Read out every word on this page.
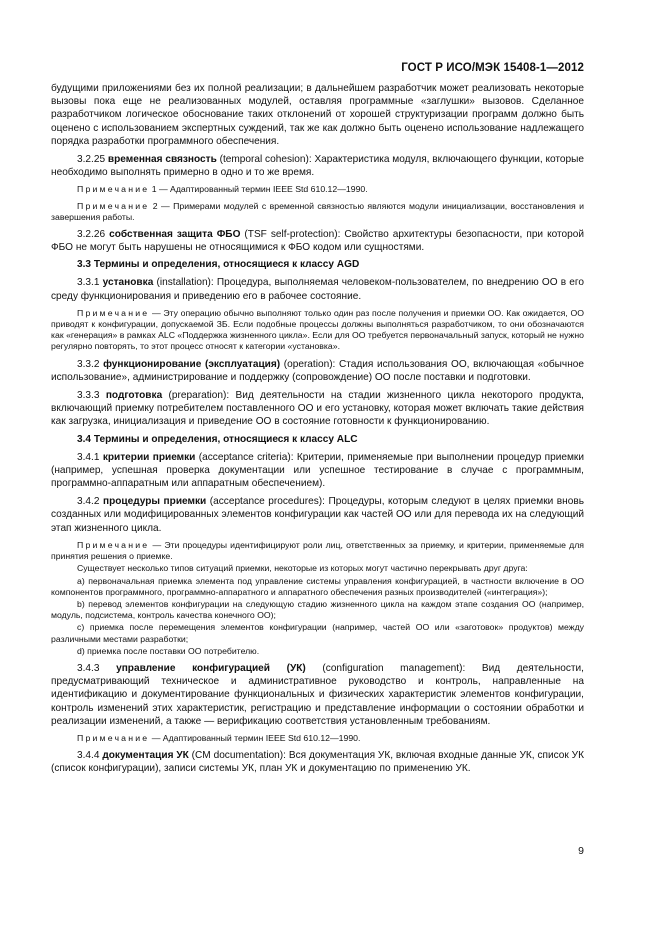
ГОСТ Р ИСО/МЭК 15408-1—2012

будущими приложениями без их полной реализации; в дальнейшем разработчик может реализовать некоторые вызовы пока еще не реализованных модулей, оставляя программные «заглушки» вызовов. Сделанное разработчиком логическое обоснование таких отклонений от хорошей структуризации программ должно быть оценено с использованием экспертных суждений, так же как должно быть оценено использование надлежащего порядка разработки программного обеспечения.

3.2.25 временная связность (temporal cohesion): Характеристика модуля, включающего функции, которые необходимо выполнять примерно в одно и то же время.

Примечание 1 — Адаптированный термин IEEE Std 610.12—1990.

Примечание 2 — Примерами модулей с временной связностью являются модули инициализации, восстановления и завершения работы.

3.2.26 собственная защита ФБО (TSF self-protection): Свойство архитектуры безопасности, при которой ФБО не могут быть нарушены не относящимися к ФБО кодом или сущностями.

3.3 Термины и определения, относящиеся к классу AGD

3.3.1 установка (installation): Процедура, выполняемая человеком-пользователем, по внедрению ОО в его среду функционирования и приведению его в рабочее состояние.

Примечание — Эту операцию обычно выполняют только один раз после получения и приемки ОО. Как ожидается, ОО приводят к конфигурации, допускаемой ЗБ. Если подобные процессы должны выполняться разработчиком, то они обозначаются как «генерация» в рамках ALC «Поддержка жизненного цикла». Если для ОО требуется первоначальный запуск, который не нужно регулярно повторять, то этот процесс относят к категории «установка».

3.3.2 функционирование (эксплуатация) (operation): Стадия использования ОО, включающая «обычное использование», администрирование и поддержку (сопровождение) ОО после поставки и подготовки.

3.3.3 подготовка (preparation): Вид деятельности на стадии жизненного цикла некоторого продукта, включающий приемку потребителем поставленного ОО и его установку, которая может включать такие действия как загрузка, инициализация и приведение ОО в состояние готовности к функционированию.

3.4 Термины и определения, относящиеся к классу ALC

3.4.1 критерии приемки (acceptance criteria): Критерии, применяемые при выполнении процедур приемки (например, успешная проверка документации или успешное тестирование в случае с программным, программно-аппаратным или аппаратным обеспечением).

3.4.2 процедуры приемки (acceptance procedures): Процедуры, которым следуют в целях приемки вновь созданных или модифицированных элементов конфигурации как частей ОО или для перевода их на следующий этап жизненного цикла.

Примечание — Эти процедуры идентифицируют роли лиц, ответственных за приемку, и критерии, применяемые для принятия решения о приемке.

Существует несколько типов ситуаций приемки, некоторые из которых могут частично перекрывать друг друга:

a) первоначальная приемка элемента под управление системы управления конфигурацией, в частности включение в ОО компонентов программного, программно-аппаратного и аппаратного обеспечения разных производителей («интеграция»);

b) перевод элементов конфигурации на следующую стадию жизненного цикла на каждом этапе создания ОО (например, модуль, подсистема, контроль качества конечного ОО);

c) приемка после перемещения элементов конфигурации (например, частей ОО или «заготовок» продуктов) между различными местами разработки;

d) приемка после поставки ОО потребителю.

3.4.3 управление конфигурацией (УК) (configuration management): Вид деятельности, предусматривающий техническое и административное руководство и контроль, направленные на идентификацию и документирование функциональных и физических характеристик элементов конфигурации, контроль изменений этих характеристик, регистрацию и представление информации о состоянии обработки и реализации изменений, а также — верификацию соответствия установленным требованиям.

Примечание — Адаптированный термин IEEE Std 610.12—1990.

3.4.4 документация УК (CM documentation): Вся документация УК, включая входные данные УК, список УК (список конфигурации), записи системы УК, план УК и документацию по применению УК.

9
